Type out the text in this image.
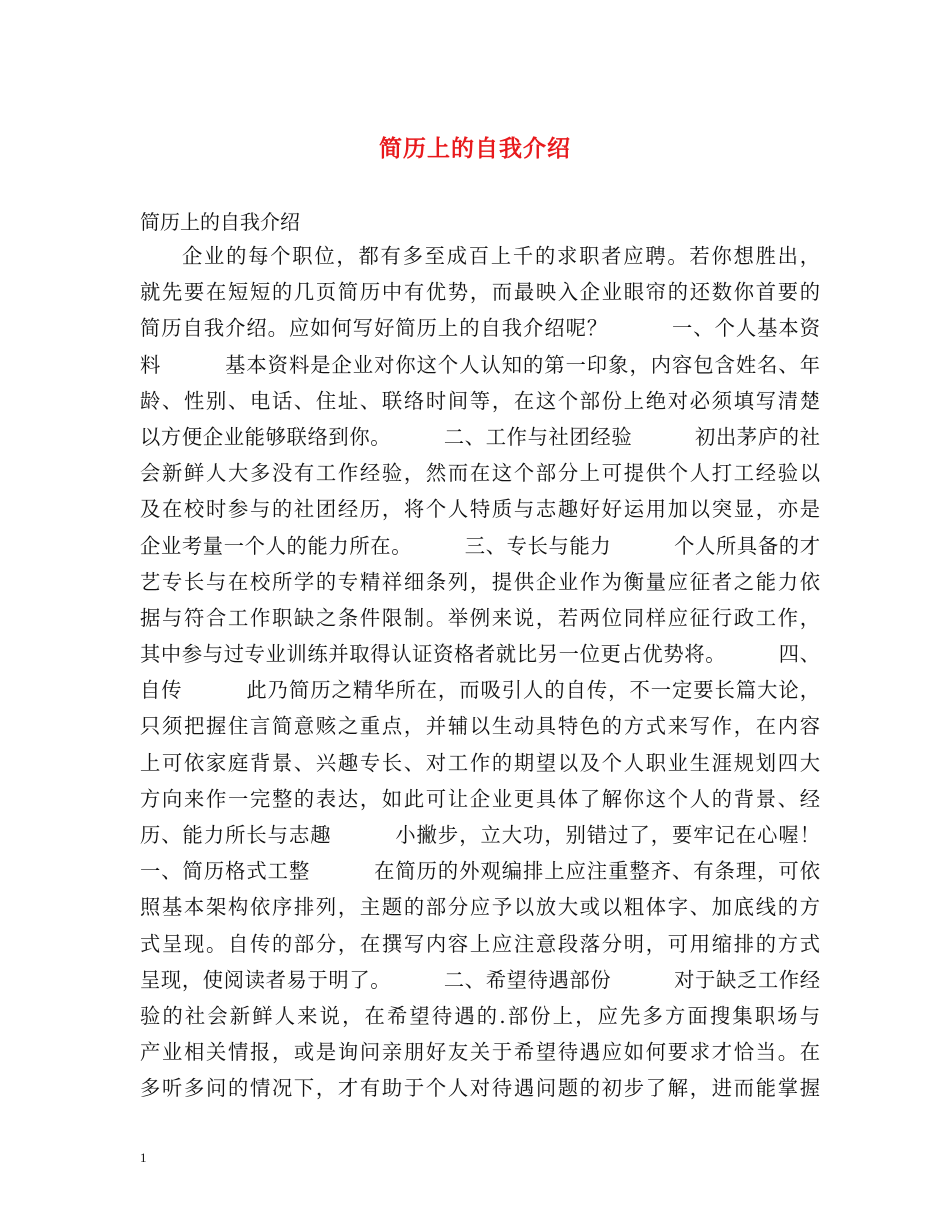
简历上的自我介绍
简历上的自我介绍
企业的每个职位，都有多至成百上千的求职者应聘。若你想胜出，
就先要在短短的几页简历中有优势，而最映入企业眼帘的还数你首要的
简历自我介绍。应如何写好简历上的自我介绍呢？　　　一、个人基本资
料　　　基本资料是企业对你这个人认知的第一印象，内容包含姓名、年
龄、性别、电话、住址、联络时间等，在这个部份上绝对必须填写清楚
以方便企业能够联络到你。　　　二、工作与社团经验　　　初出茅庐的社
会新鲜人大多没有工作经验，然而在这个部分上可提供个人打工经验以
及在校时参与的社团经历，将个人特质与志趣好好运用加以突显，亦是
企业考量一个人的能力所在。　　　三、专长与能力　　　个人所具备的才
艺专长与在校所学的专精祥细条列，提供企业作为衡量应征者之能力依
据与符合工作职缺之条件限制。举例来说，若两位同样应征行政工作，
其中参与过专业训练并取得认证资格者就比另一位更占优势将。　　　四、
自传　　　此乃简历之精华所在，而吸引人的自传，不一定要长篇大论，
只须把握住言简意赅之重点，并辅以生动具特色的方式来写作，在内容
上可依家庭背景、兴趣专长、对工作的期望以及个人职业生涯规划四大
方向来作一完整的表达，如此可让企业更具体了解你这个人的背景、经
历、能力所长与志趣　　　小撇步，立大功，别错过了，要牢记在心喔！
一、简历格式工整　　　在简历的外观编排上应注重整齐、有条理，可依
照基本架构依序排列，主题的部分应予以放大或以粗体字、加底线的方
式呈现。自传的部分，在撰写内容上应注意段落分明，可用缩排的方式
呈现，使阅读者易于明了。　　　二、希望待遇部份　　　对于缺乏工作经
验的社会新鲜人来说，在希望待遇的.部份上，应先多方面搜集职场与
产业相关情报，或是询问亲朋好友关于希望待遇应如何要求才恰当。在
多听多问的情况下，才有助于个人对待遇问题的初步了解，进而能掌握
1
